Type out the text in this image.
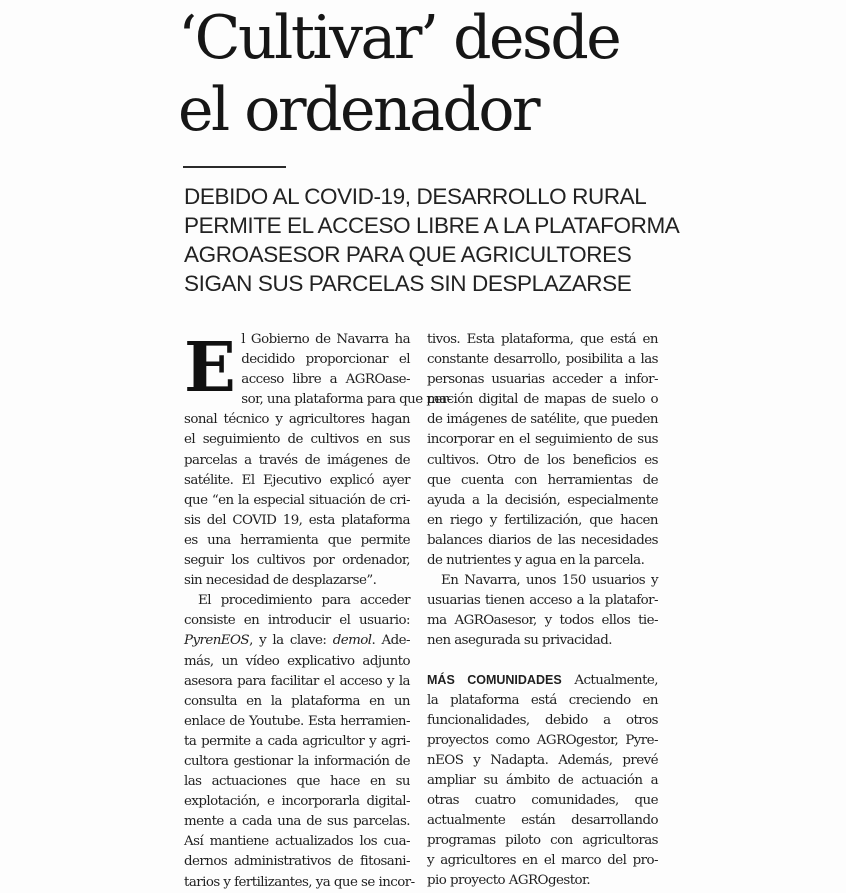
‘Cultivar’ desde
el ordenador
DEBIDO AL COVID-19, DESARROLLO RURAL
PERMITE EL ACCESO LIBRE A LA PLATAFORMA
AGROASESOR PARA QUE AGRICULTORES
SIGAN SUS PARCELAS SIN DESPLAZARSE
E l Gobierno de Navarra ha
decidido proporcionar el
acceso libre a AGROase-
sor, una plataforma para que per-
sonal técnico y agricultores hagan
el seguimiento de cultivos en sus
parcelas a través de imágenes de
satélite. El Ejecutivo explicó ayer
que “en la especial situación de cri-
sis del COVID 19, esta plataforma
es una herramienta que permite
seguir los cultivos por ordenador,
sin necesidad de desplazarse”.
El procedimiento para acceder
consiste en introducir el usuario:
PyrenEOS, y la clave: demol. Ade-
más, un vídeo explicativo adjunto
asesora para facilitar el acceso y la
consulta en la plataforma en un
enlace de Youtube. Esta herramien-
ta permite a cada agricultor y agri-
cultora gestionar la información de
las actuaciones que hace en su
explotación, e incorporarla digital-
mente a cada una de sus parcelas.
Así mantiene actualizados los cua-
dernos administrativos de fitosani-
tarios y fertilizantes, ya que se incor-
tivos. Esta plataforma, que está en
constante desarrollo, posibilita a las
personas usuarias acceder a infor-
mación digital de mapas de suelo o
de imágenes de satélite, que pueden
incorporar en el seguimiento de sus
cultivos. Otro de los beneficios es
que cuenta con herramientas de
ayuda a la decisión, especialmente
en riego y fertilización, que hacen
balances diarios de las necesidades
de nutrientes y agua en la parcela.
En Navarra, unos 150 usuarios y
usuarias tienen acceso a la platafor-
ma AGROasesor, y todos ellos tie-
nen asegurada su privacidad.
MÁS COMUNIDADES Actualmente,
la plataforma está creciendo en
funcionalidades, debido a otros
proyectos como AGROgestor, Pyre-
nEOS y Nadapta. Además, prevé
ampliar su ámbito de actuación a
otras cuatro comunidades, que
actualmente están desarrollando
programas piloto con agricultoras
y agricultores en el marco del pro-
pio proyecto AGROgestor.
